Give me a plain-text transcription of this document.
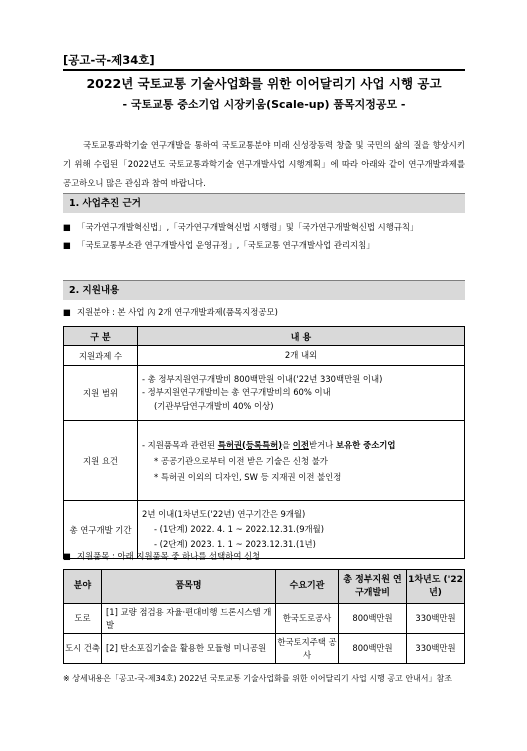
[공고-국-제34호]
2022년 국토교통 기술사업화를 위한 이어달리기 사업 시행 공고
- 국토교통 중소기업 시장키움(Scale-up) 품목지정공모 -

국토교통과학기술 연구개발을 통하여 국토교통분야 미래 신성장동력 창출 및 국민의 삶의 질을 향상시키기 위해 수립된「2022년도 국토교통과학기술 연구개발사업 시행계획」에 따라 아래와 같이 연구개발과제를 공고하오니 많은 관심과 참여 바랍니다.

1. 사업추진 근거
■ 「국가연구개발혁신법」,「국가연구개발혁신법 시행령」및「국가연구개발혁신법 시행규칙」
■ 「국토교통부소관 연구개발사업 운영규정」,「국토교통 연구개발사업 관리지침」
2. 지원내용
■ 지원분야 : 본 사업 內 2개 연구개발과제(품목지정공모)
구 분	내 용
지원과제 수	2개 내외
지원 범위	- 총 정부지원연구개발비 800백만원 이내('22년 330백만원 이내)
- 정부지원연구개발비는 총 연구개발비의 60% 이내
(기관부담연구개발비 40% 이상)

지원 요건	- 지원품목과 관련된 특허권(등록특허)을 이전받거나 보유한 중소기업
* 공공기관으로부터 이전 받은 기술은 신청 불가
* 특허권 이외의 디자인, SW 등 지재권 이전 불인정

총 연구개발 기간	2년 이내(1차년도('22년) 연구기간은 9개월)
- (1단계) 2022. 4. 1 ~ 2022.12.31.(9개월)
- (2단계) 2023. 1. 1 ~ 2023.12.31.(1년)
■ 지원품목 : 아래 지원품목 중 하나를 선택하여 신청
분야	품목명	수요기관	총 정부지원 연구개발비	1차년도 ('22년)
도로	[1] 교량 점검용 자율·편대비행 드론시스템 개발	한국도로공사	800백만원	330백만원
도시 건축	[2] 탄소포집기술을 활용한 모듈형 미니공원	한국토지주택 공사	800백만원	330백만원
※ 상세내용은「공고-국-제34호) 2022년 국토교통 기술사업화를 위한 이어달리기 사업 시행 공고 안내서」참조
